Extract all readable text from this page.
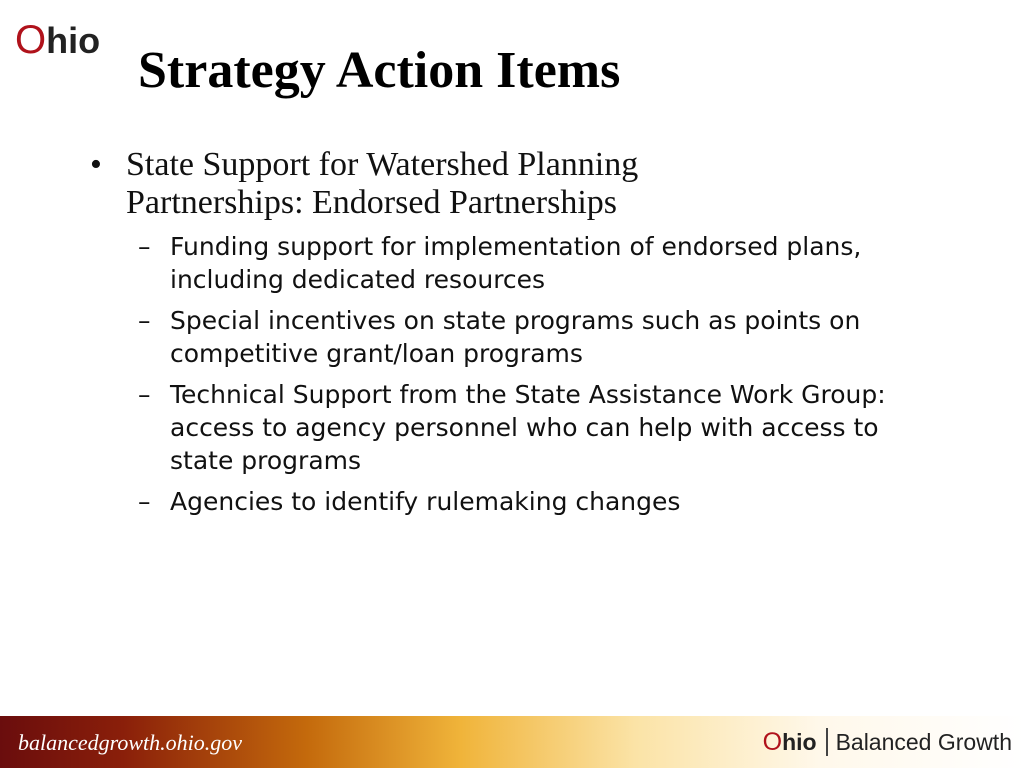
Ohio
Strategy Action Items
• State Support for Watershed Planning
Partnerships: Endorsed Partnerships
– Funding support for implementation of endorsed plans, including dedicated resources
– Special incentives on state programs such as points on competitive grant/loan programs
– Technical Support from the State Assistance Work Group: access to agency personnel who can help with access to state programs
– Agencies to identify rulemaking changes
balancedgrowth.ohio.gov	Ohio Balanced Growth
